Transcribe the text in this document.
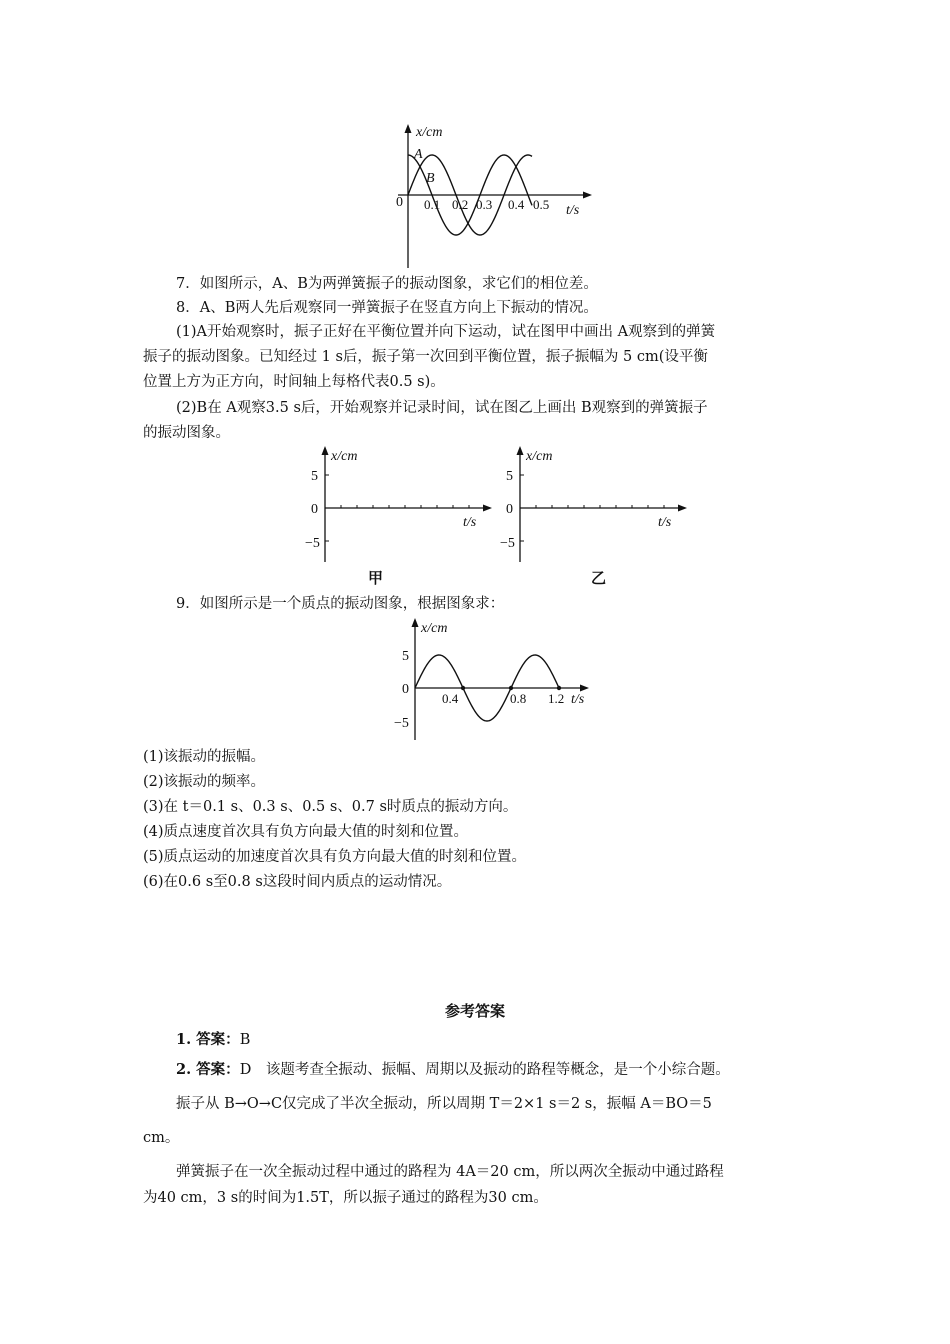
x/cm
t/s
0
A
B
0.1 0.2 0.3 0.4 0.5
7．如图所示，A、B为两弹簧振子的振动图象，求它们的相位差。
8．A、B两人先后观察同一弹簧振子在竖直方向上下振动的情况。
(1)A开始观察时，振子正好在平衡位置并向下运动，试在图甲中画出 A观察到的弹簧
振子的振动图象。已知经过 1 s后，振子第一次回到平衡位置，振子振幅为 5 cm(设平衡
位置上方为正方向，时间轴上每格代表0.5 s)。
(2)B在 A观察3.5 s后，开始观察并记录时间，试在图乙上画出 B观察到的弹簧振子
的振动图象。
x/cm
t/s
5
0
−5
x/cm
t/s
5
0
−5
甲	乙
9．如图所示是一个质点的振动图象，根据图象求：
x/cm
t/s
5
0
−5
0.4	0.8 1.2
(1)该振动的振幅。
(2)该振动的频率。
(3)在 t＝0.1 s、0.3 s、0.5 s、0.7 s时质点的振动方向。
(4)质点速度首次具有负方向最大值的时刻和位置。
(5)质点运动的加速度首次具有负方向最大值的时刻和位置。
(6)在0.6 s至0.8 s这段时间内质点的运动情况。
参考答案
1. 答案：B
2. 答案：D　该题考查全振动、振幅、周期以及振动的路程等概念，是一个小综合题。
振子从 B→O→C仅完成了半次全振动，所以周期 T＝2×1 s＝2 s，振幅 A＝BO＝5
cm。
弹簧振子在一次全振动过程中通过的路程为 4A＝20 cm，所以两次全振动中通过路程
为40 cm，3 s的时间为1.5T，所以振子通过的路程为30 cm。
